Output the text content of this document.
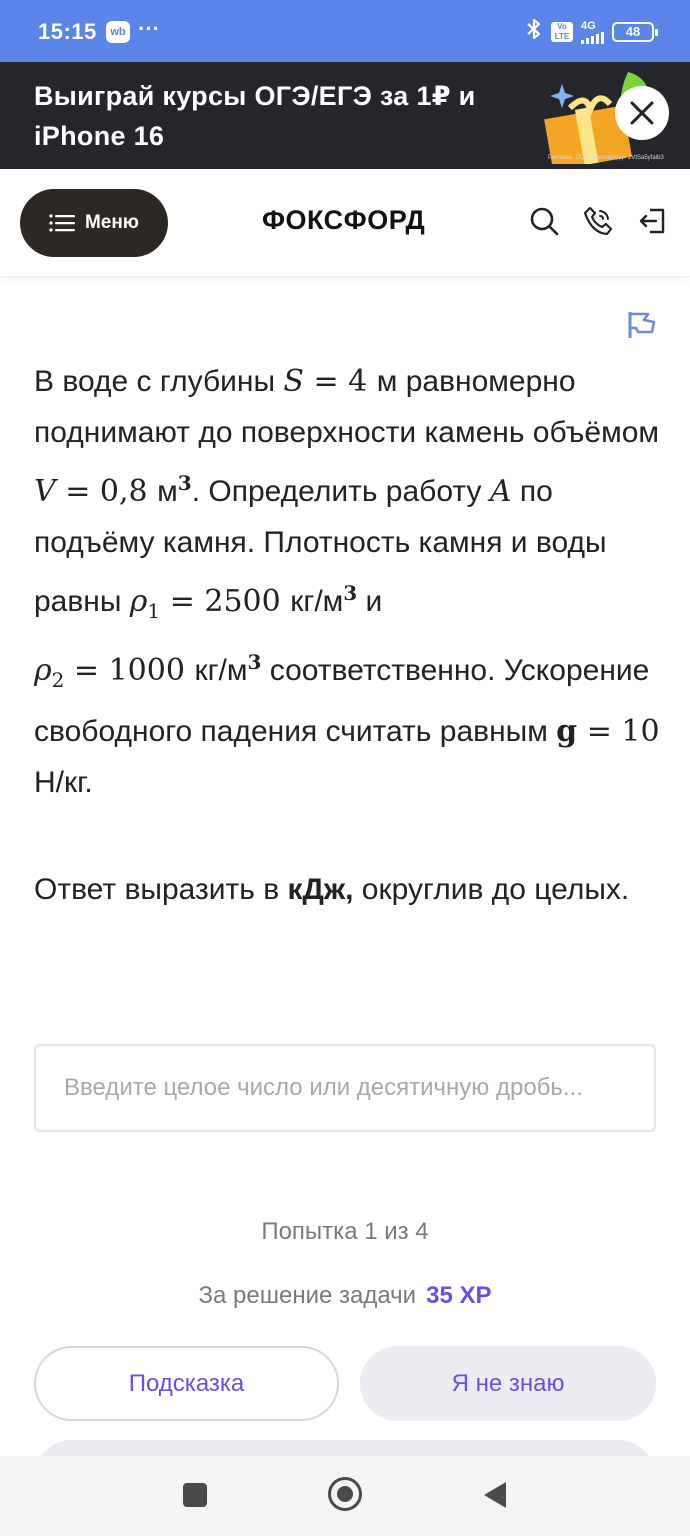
15:15	wb ···	Vo LTE
4G	48
Выиграй курсы ОГЭ/ЕГЭ за 1₽ и iPhone 16
Реклама. ООО «Фоксфорд» 2VtSa5yfaib3
Меню	ФОКСФОРД
В воде с глубины S = 4 м равномерно поднимают до поверхности камень объёмом V = 0,8 $м^3$. Определить работу A по подъёму камня. Плотность камня и воды равны $\rho_1 = 2500$ $кг/м^3$ и
$\rho_2 = 1000$ $кг/м^3$ соответственно. Ускорение свободного падения считать равным g = 10 Н/кг.
Ответ выразить в кДж, округлив до целых.
Введите целое число или десятичную дробь...
Попытка 1 из 4
За решение задачи 35 XP
Подсказка	Я не знаю
